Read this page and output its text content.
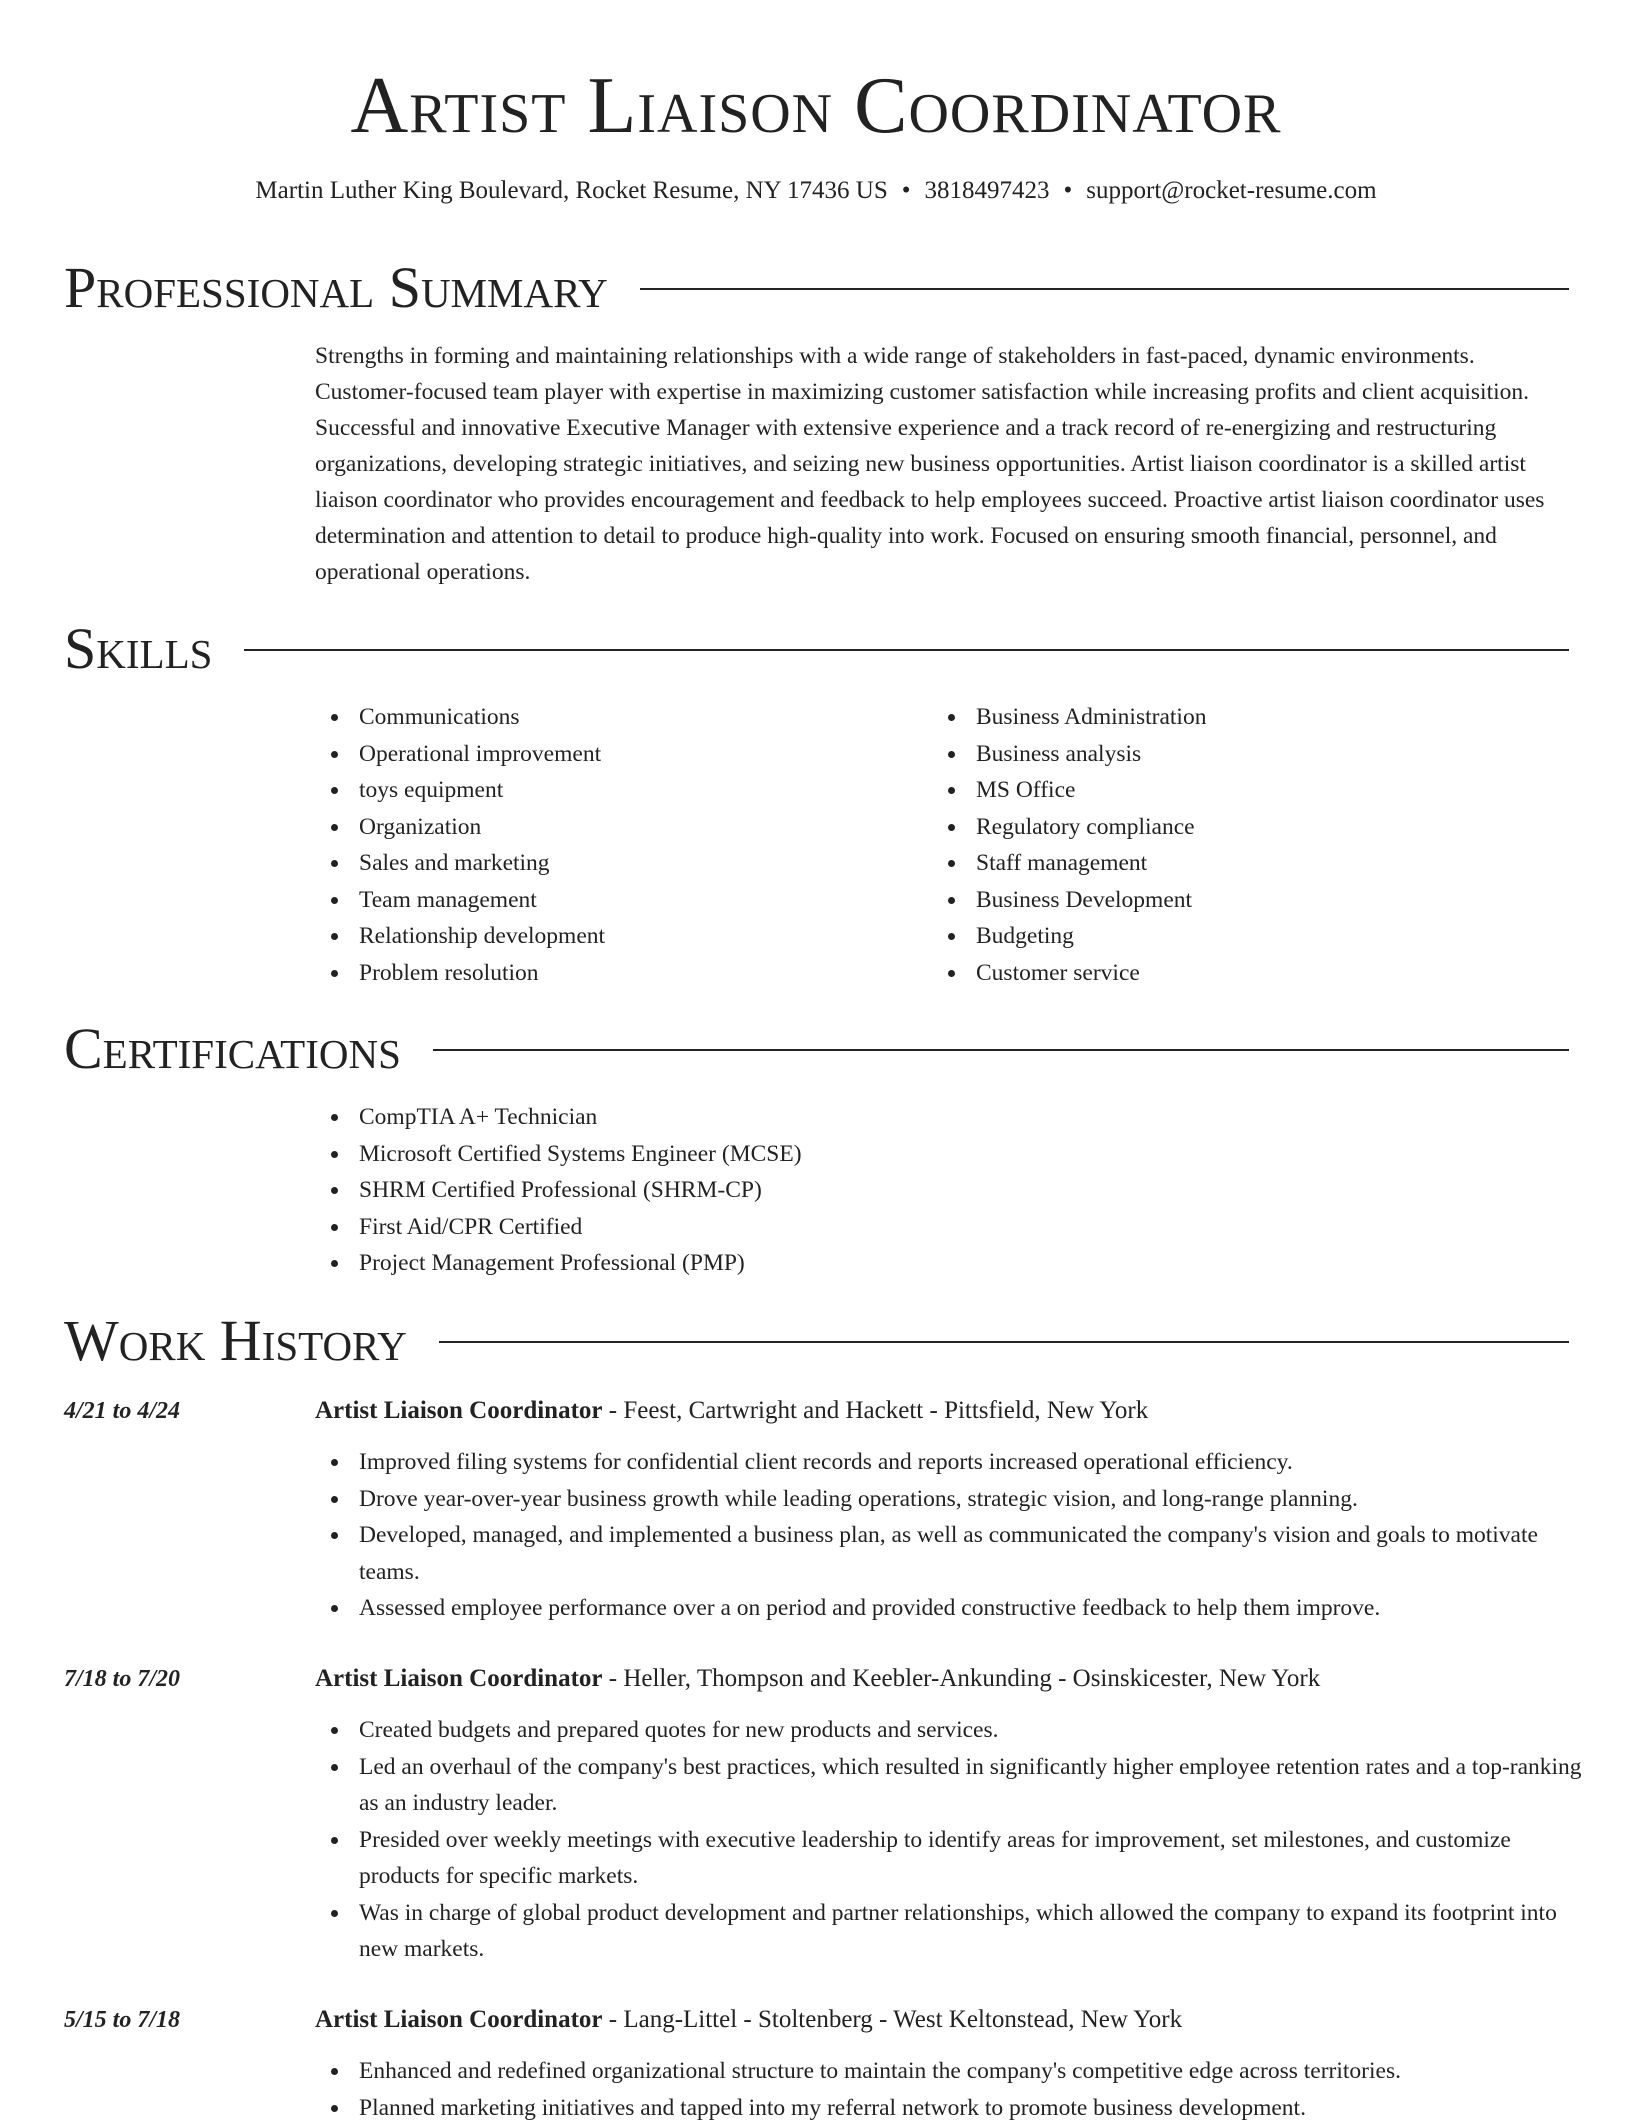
Artist Liaison Coordinator
Martin Luther King Boulevard, Rocket Resume, NY 17436 US • 3818497423 • support@rocket-resume.com
Professional Summary

Strengths in forming and maintaining relationships with a wide range of stakeholders in fast-paced, dynamic environments. Customer-focused team player with expertise in maximizing customer satisfaction while increasing profits and client acquisition. Successful and innovative Executive Manager with extensive experience and a track record of re-energizing and restructuring organizations, developing strategic initiatives, and seizing new business opportunities. Artist liaison coordinator is a skilled artist liaison coordinator who provides encouragement and feedback to help employees succeed. Proactive artist liaison coordinator uses determination and attention to detail to produce high-quality into work. Focused on ensuring smooth financial, personnel, and operational operations.

Skills
Communications
Operational improvement
toys equipment
Organization
Sales and marketing
Team management
Relationship development
Problem resolution
Business Administration
Business analysis
MS Office
Regulatory compliance
Staff management
Business Development
Budgeting
Customer service
Certifications
CompTIA A+ Technician
Microsoft Certified Systems Engineer (MCSE)
SHRM Certified Professional (SHRM-CP)
First Aid/CPR Certified
Project Management Professional (PMP)
Work History
4/21 to 4/24	Artist Liaison Coordinator - Feest, Cartwright and Hackett - Pittsfield, New York
Improved filing systems for confidential client records and reports increased operational efficiency.
Drove year-over-year business growth while leading operations, strategic vision, and long-range planning.
Developed, managed, and implemented a business plan, as well as communicated the company's vision and goals to motivate teams.
Assessed employee performance over a on period and provided constructive feedback to help them improve.
7/18 to 7/20	Artist Liaison Coordinator - Heller, Thompson and Keebler-Ankunding - Osinskicester, New York
Created budgets and prepared quotes for new products and services.
Led an overhaul of the company's best practices, which resulted in significantly higher employee retention rates and a top-ranking as an industry leader.
Presided over weekly meetings with executive leadership to identify areas for improvement, set milestones, and customize products for specific markets.
Was in charge of global product development and partner relationships, which allowed the company to expand its footprint into new markets.
5/15 to 7/18	Artist Liaison Coordinator - Lang-Littel - Stoltenberg - West Keltonstead, New York
Enhanced and redefined organizational structure to maintain the company's competitive edge across territories.
Planned marketing initiatives and tapped into my referral network to promote business development.
